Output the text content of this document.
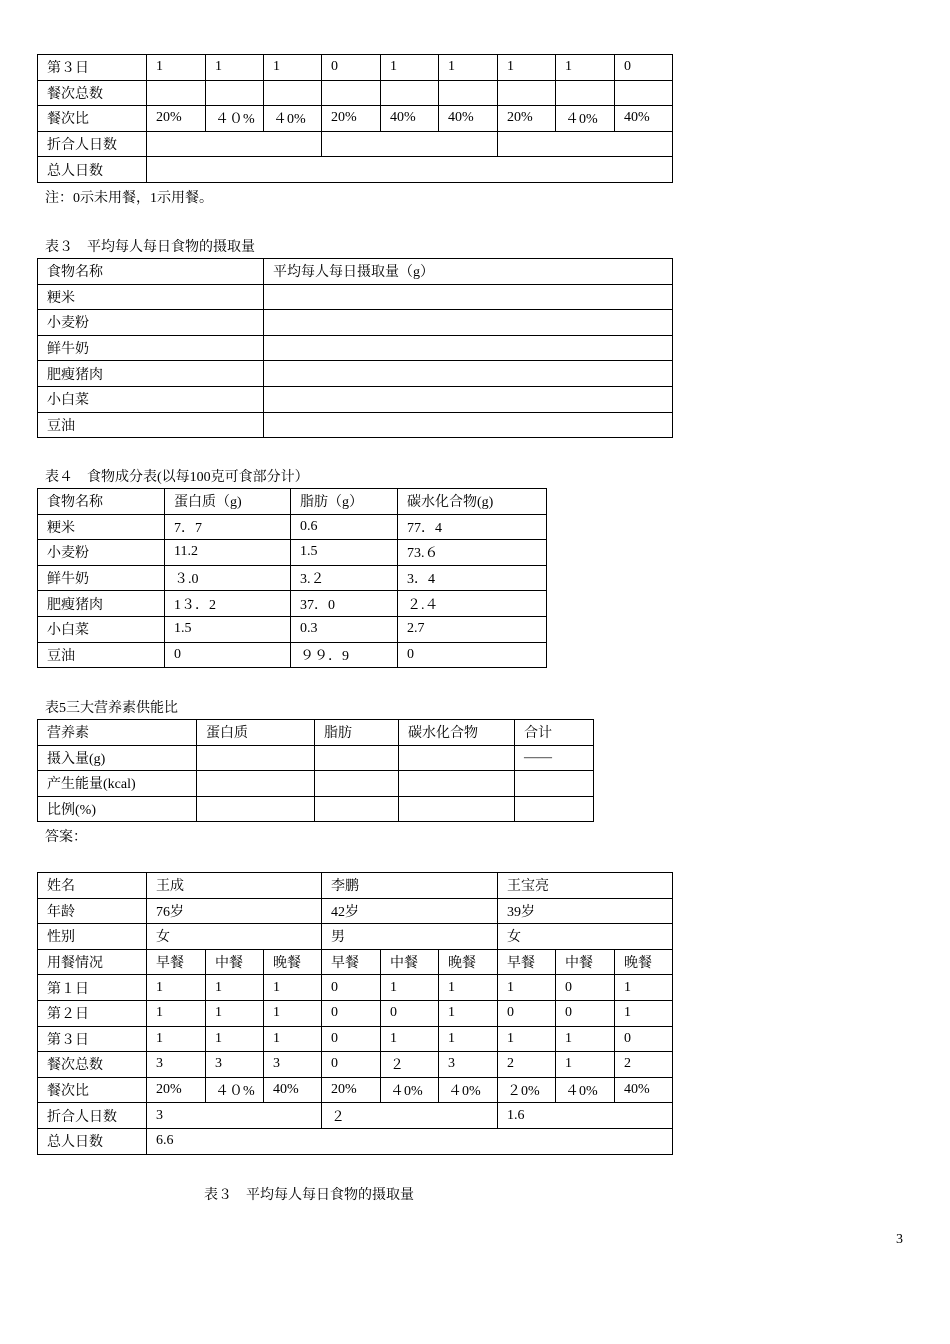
第３日	1	1	1	0	1	1	1	1	0
餐次总数									
餐次比	20%	４０%	４0%	20%	40%	40%	20%	４0%	40%
折合人日数									
总人日数									
注：0示未用餐，1示用餐。
表３　平均每人每日食物的摄取量
食物名称	平均每人每日摄取量（g）
粳米	
小麦粉	
鲜牛奶	
肥瘦猪肉	
小白菜	
豆油	
表４　食物成分表(以每100克可食部分计）
食物名称	蛋白质（g)	脂肪（g）	碳水化合物(g)
粳米	7．7	0.6	77．4
小麦粉	11.2	1.5	73.６
鲜牛奶	３.0	3.２	3．4
肥瘦猪肉	1３．2	37．0	２.４
小白菜	1.5	0.3	2.7
豆油	0	９９．9	0
表5三大营养素供能比
营养素	蛋白质	脂肪	碳水化合物	合计
摄入量(g)				——
产生能量(kcal)				
比例(%)				
答案：
姓名	王成			李鹏			王宝亮		
年龄	76岁			42岁			39岁		
性别	女			男			女		
用餐情况	早餐	中餐	晚餐	早餐	中餐	晚餐	早餐	中餐	晚餐
第１日	1	1	1	0	1	1	1	0	1
第２日	1	1	1	0	0	1	0	0	1
第３日	1	1	1	0	1	1	1	1	0
餐次总数	3	3	3	0	２	3	2	1	2
餐次比	20%	４０%	40%	20%	４0%	４0%	２0%	４0%	40%
折合人日数	3			２			1.6		
总人日数	6.6								
表３　平均每人每日食物的摄取量
3
